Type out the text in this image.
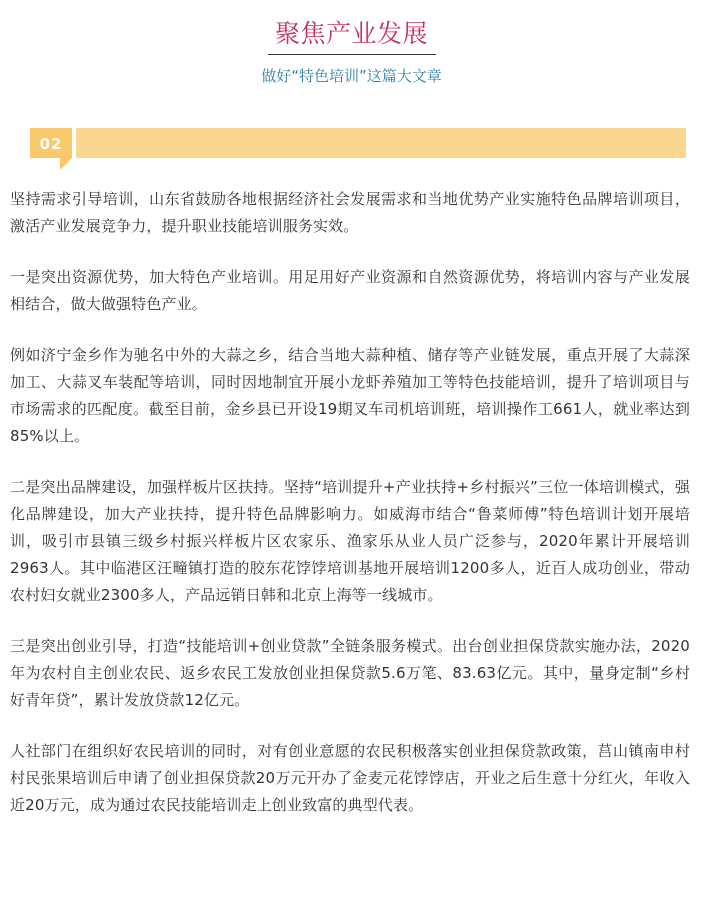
聚焦产业发展
做好“特色培训”这篇大文章
02

坚持需求引导培训，山东省鼓励各地根据经济社会发展需求和当地优势产业实施特色品牌培训项目，激活产业发展竞争力，提升职业技能培训服务实效。

一是突出资源优势，加大特色产业培训。用足用好产业资源和自然资源优势，将培训内容与产业发展相结合，做大做强特色产业。

例如济宁金乡作为驰名中外的大蒜之乡，结合当地大蒜种植、储存等产业链发展，重点开展了大蒜深加工、大蒜叉车装配等培训，同时因地制宜开展小龙虾养殖加工等特色技能培训，提升了培训项目与市场需求的匹配度。截至目前，金乡县已开设19期叉车司机培训班，培训操作工661人，就业率达到85%以上。

二是突出品牌建设，加强样板片区扶持。坚持“培训提升+产业扶持+乡村振兴”三位一体培训模式，强化品牌建设，加大产业扶持，提升特色品牌影响力。如威海市结合“鲁菜师傅”特色培训计划开展培训，吸引市县镇三级乡村振兴样板片区农家乐、渔家乐从业人员广泛参与，2020年累计开展培训2963人。其中临港区汪疃镇打造的胶东花饽饽培训基地开展培训1200多人，近百人成功创业，带动农村妇女就业2300多人，产品远销日韩和北京上海等一线城市。

三是突出创业引导，打造“技能培训+创业贷款”全链条服务模式。出台创业担保贷款实施办法，2020年为农村自主创业农民、返乡农民工发放创业担保贷款5.6万笔、83.63亿元。其中，量身定制“乡村好青年贷”，累计发放贷款12亿元。

人社部门在组织好农民培训的同时，对有创业意愿的农民积极落实创业担保贷款政策，莒山镇南申村村民张果培训后申请了创业担保贷款20万元开办了金麦元花饽饽店，开业之后生意十分红火，年收入近20万元，成为通过农民技能培训走上创业致富的典型代表。
